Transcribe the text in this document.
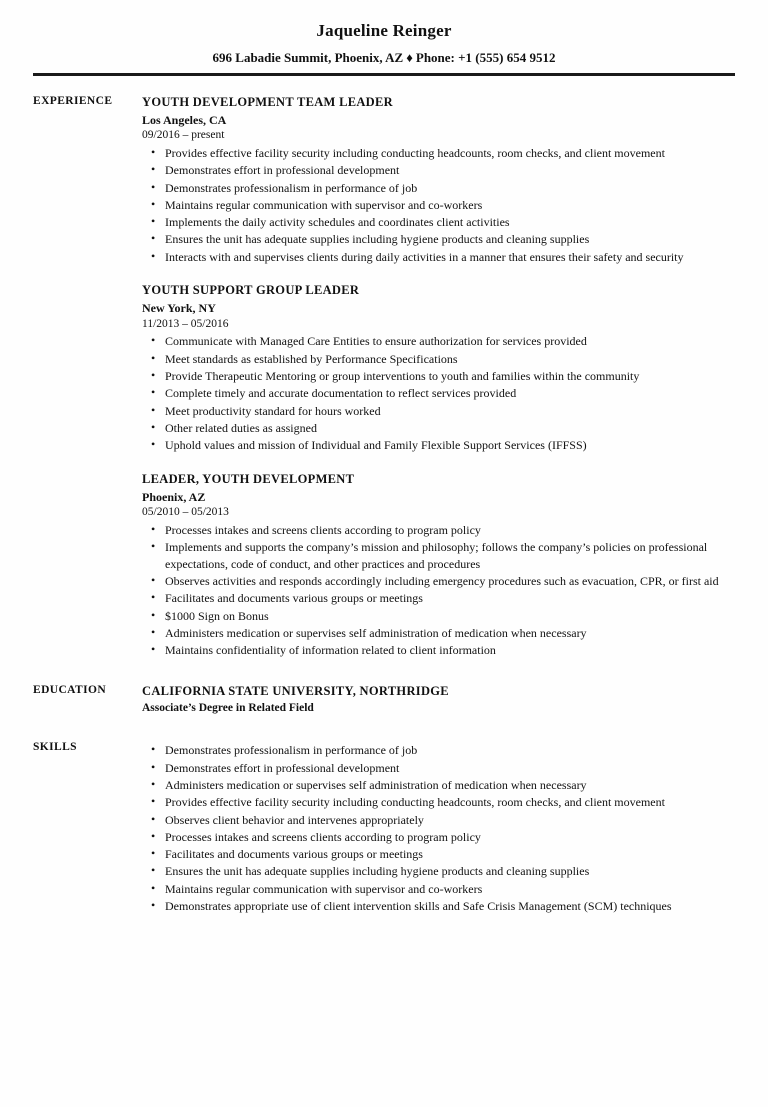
Jaqueline Reinger
696 Labadie Summit, Phoenix, AZ ♦ Phone: +1 (555) 654 9512
EXPERIENCE	YOUTH DEVELOPMENT TEAM LEADER
Los Angeles, CA
09/2016 – present
• Provides effective facility security including conducting headcounts, room checks, and client movement
• Demonstrates effort in professional development
• Demonstrates professionalism in performance of job
• Maintains regular communication with supervisor and co-workers
• Implements the daily activity schedules and coordinates client activities
• Ensures the unit has adequate supplies including hygiene products and cleaning supplies
• Interacts with and supervises clients during daily activities in a manner that ensures their safety and security
YOUTH SUPPORT GROUP LEADER
New York, NY
11/2013 – 05/2016
• Communicate with Managed Care Entities to ensure authorization for services provided
• Meet standards as established by Performance Specifications
• Provide Therapeutic Mentoring or group interventions to youth and families within the community
• Complete timely and accurate documentation to reflect services provided
• Meet productivity standard for hours worked
• Other related duties as assigned
• Uphold values and mission of Individual and Family Flexible Support Services (IFFSS)
LEADER, YOUTH DEVELOPMENT
Phoenix, AZ
05/2010 – 05/2013
• Processes intakes and screens clients according to program policy
• Implements and supports the company’s mission and philosophy; follows the company’s policies on professional expectations, code of conduct, and other practices and procedures
• Observes activities and responds accordingly including emergency procedures such as evacuation, CPR, or first aid
• Facilitates and documents various groups or meetings
• $1000 Sign on Bonus
• Administers medication or supervises self administration of medication when necessary
• Maintains confidentiality of information related to client information
EDUCATION	CALIFORNIA STATE UNIVERSITY, NORTHRIDGE
Associate’s Degree in Related Field
SKILLS	• Demonstrates professionalism in performance of job
• Demonstrates effort in professional development
• Administers medication or supervises self administration of medication when necessary
• Provides effective facility security including conducting headcounts, room checks, and client movement
• Observes client behavior and intervenes appropriately
• Processes intakes and screens clients according to program policy
• Facilitates and documents various groups or meetings
• Ensures the unit has adequate supplies including hygiene products and cleaning supplies
• Maintains regular communication with supervisor and co-workers
• Demonstrates appropriate use of client intervention skills and Safe Crisis Management (SCM) techniques
